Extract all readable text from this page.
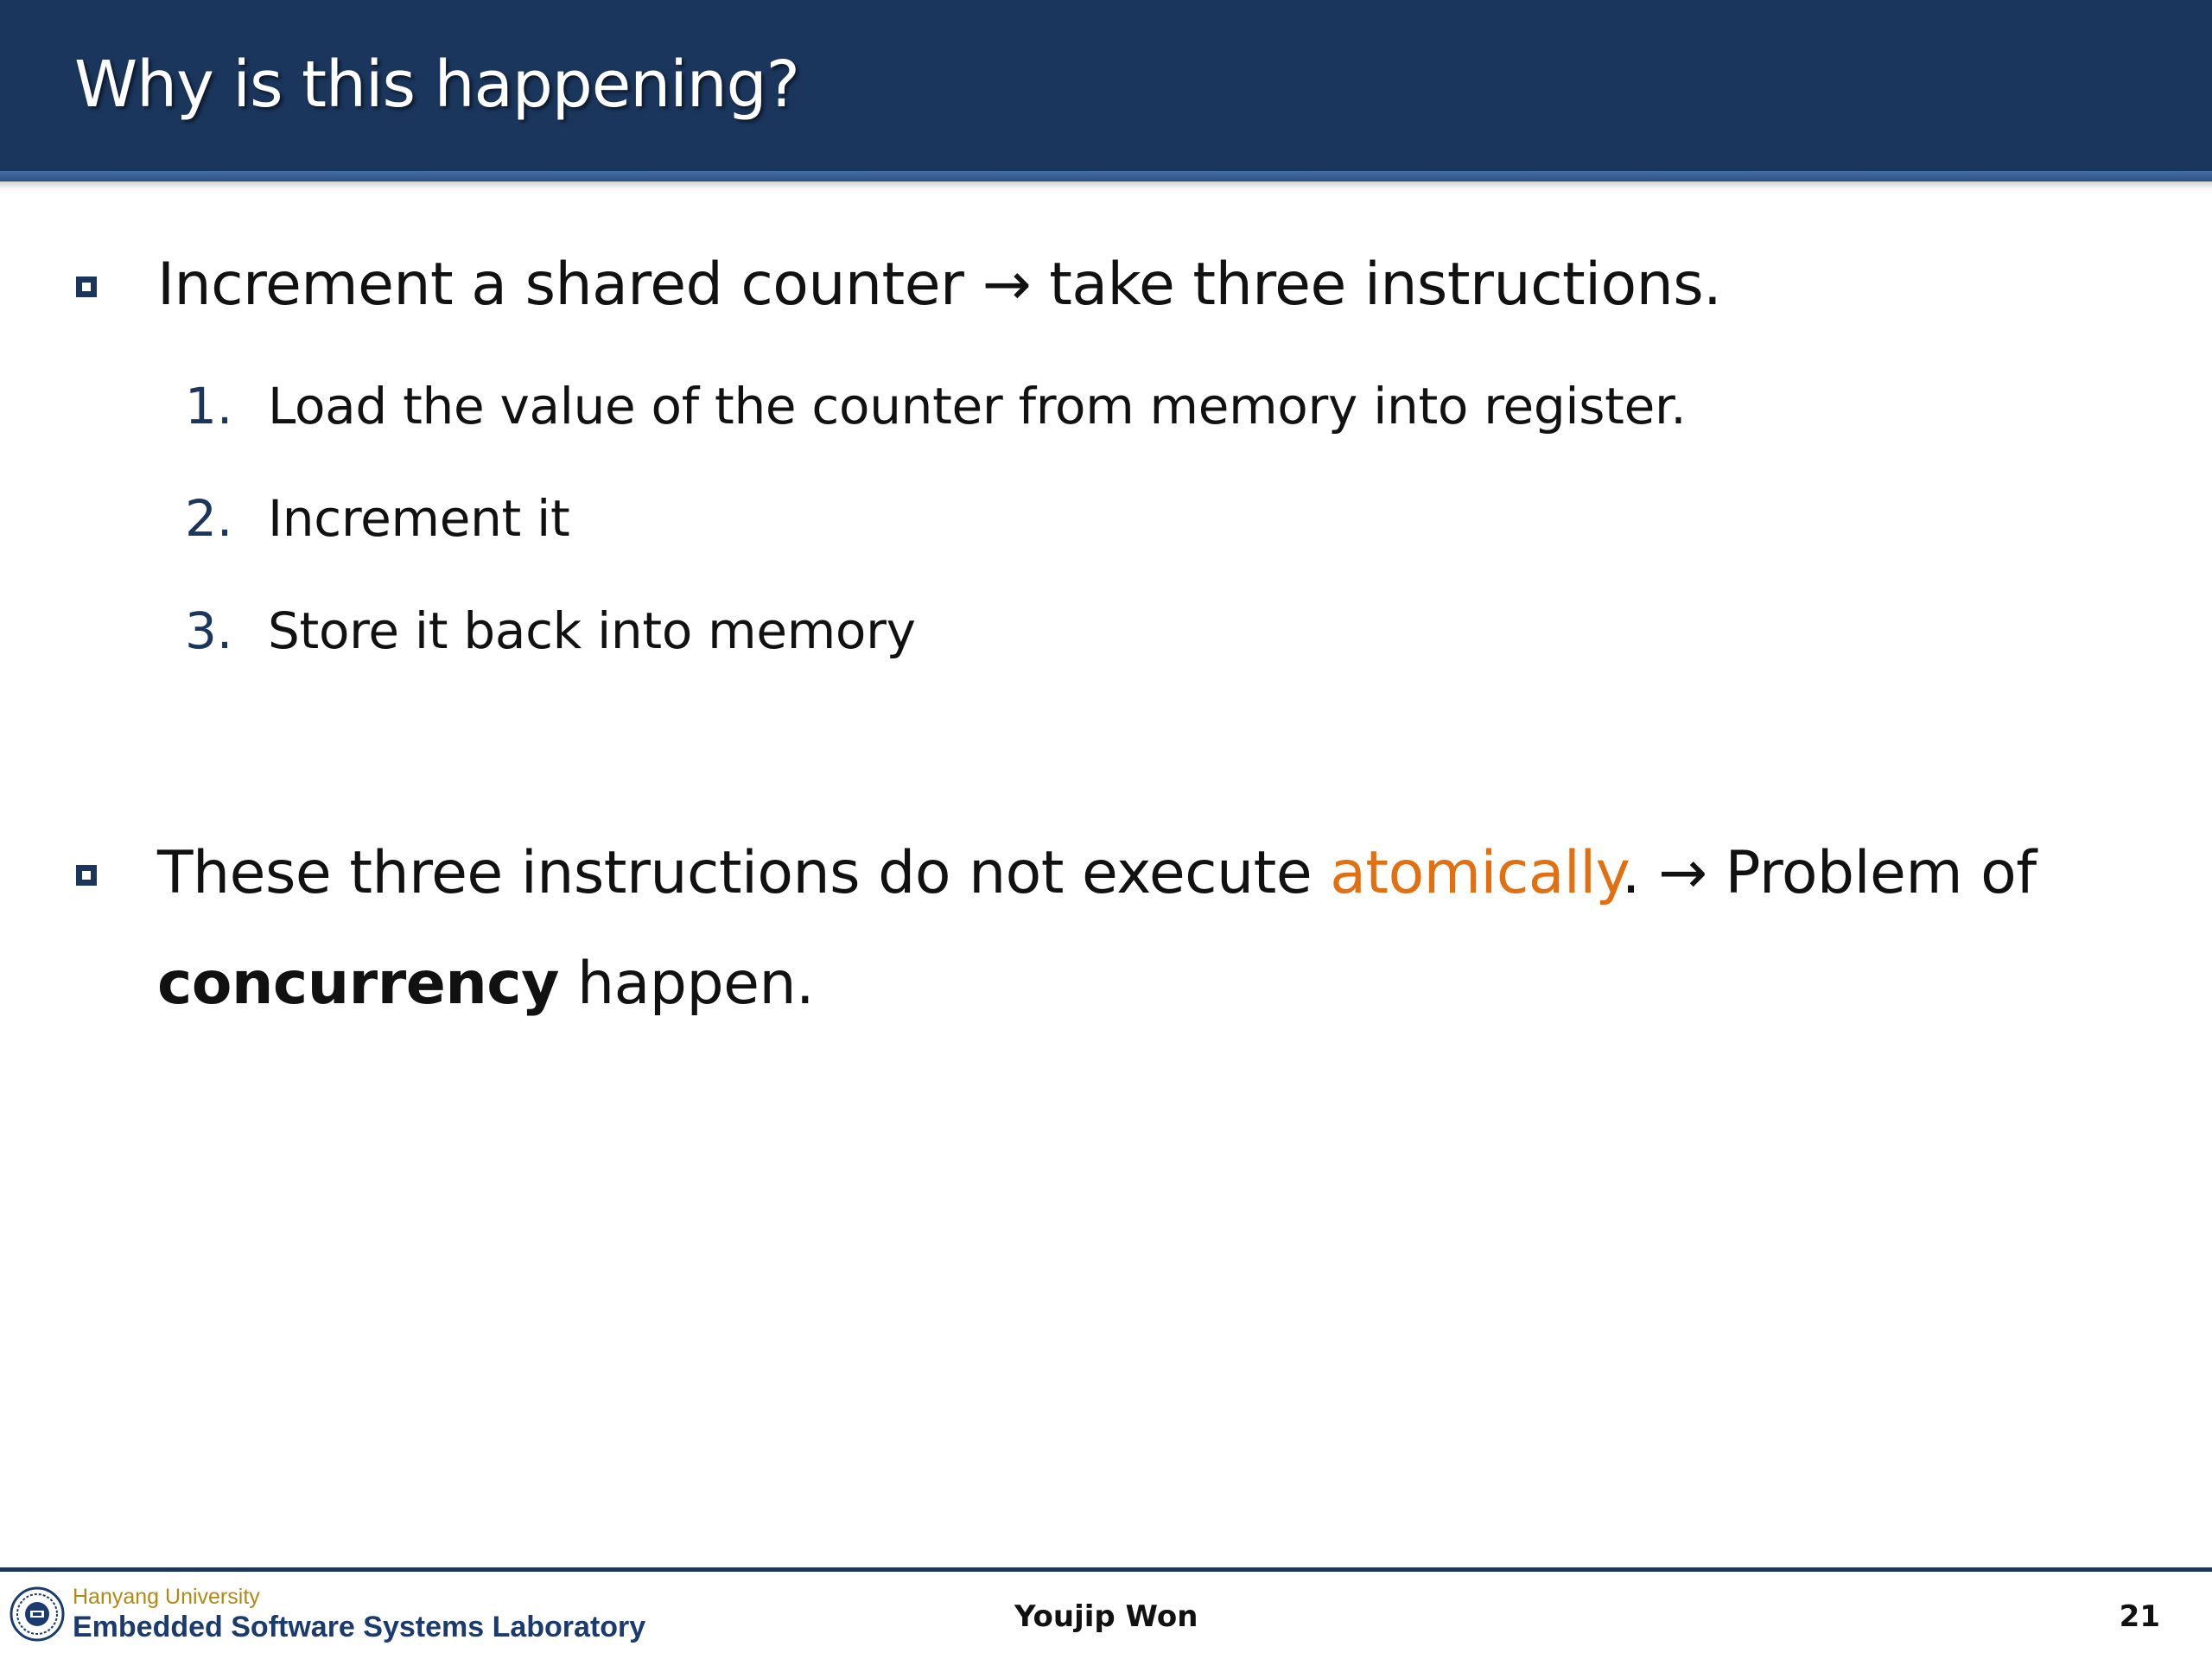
Why is this happening?
Increment a shared counter → take three instructions.
1. Load the value of the counter from memory into register.
2. Increment it
3. Store it back into memory
These three instructions do not execute atomically. → Problem of concurrency happen.
Hanyang University
Embedded Software Systems Laboratory	Youjip Won	21
